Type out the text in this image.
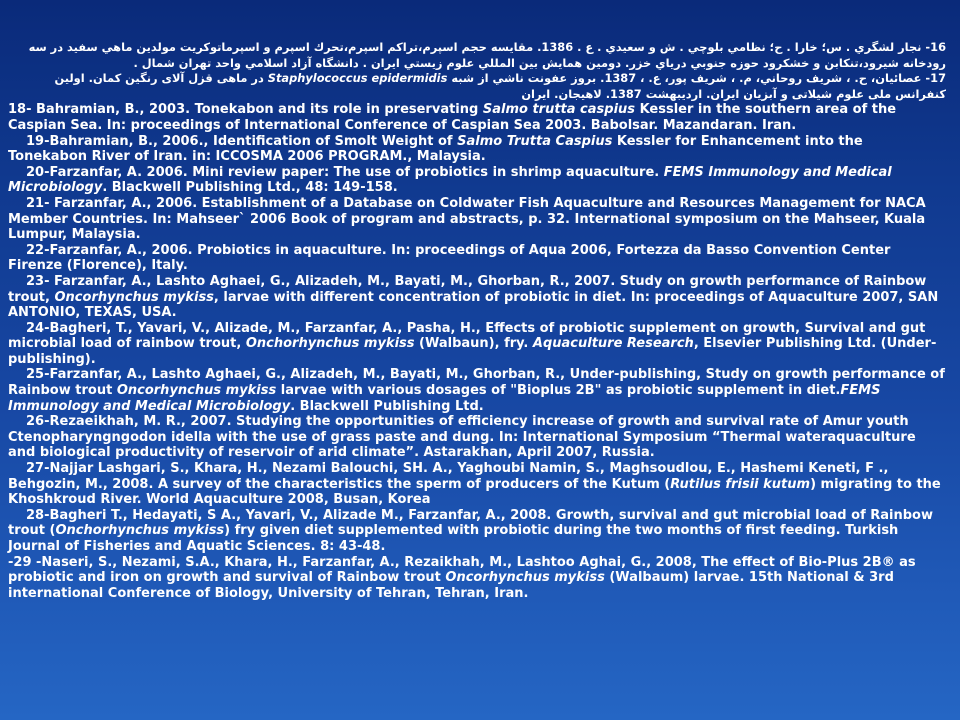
16- نجار لشگري . س؛ خارا . ح؛ نظامي بلوچي . ش و سعيدي . ع . 1386. مقايسه حجم اسپرم،تراكم اسپرم،تحرك اسپرم و اسپرماتوكريت مولدين ماهي سفيد در سه رودخانه شيرود،تنكابن و خشكرود حوزه جنوبي درياي خزر. دومين همايش بين المللي علوم زيستي ايران . دانشگاه آزاد اسلامي واحد تهران شمال .
17- عصائيان، ح. ، شريف روحاني، م. ، شريف پور، ع. ، 1387. بروز عفونت ناشي از شبه Staphylococcus epidermidis در ماهی قزل آلای رنگین کمان. اولین کنفرانس ملی علوم شيلاتی و آبزيان ايران. ارديبهشت 1387. لاهيجان. ايران
18- Bahramian, B., 2003. Tonekabon and its role in preservating Salmo trutta caspius Kessler in the southern area of the Caspian Sea. In: proceedings of International Conference of Caspian Sea 2003. Babolsar. Mazandaran. Iran.
19-Bahramian, B., 2006., Identification of Smolt Weight of Salmo Trutta Caspius Kessler for Enhancement into the Tonekabon River of Iran. in: ICCOSMA 2006 PROGRAM., Malaysia.
20-Farzanfar, A. 2006. Mini review paper: The use of probiotics in shrimp aquaculture. FEMS Immunology and Medical Microbiology. Blackwell Publishing Ltd., 48: 149-158.
21- Farzanfar, A., 2006. Establishment of a Database on Coldwater Fish Aquaculture and Resources Management for NACA Member Countries. In: Mahseer` 2006 Book of program and abstracts, p. 32. International symposium on the Mahseer, Kuala Lumpur, Malaysia.
22-Farzanfar, A., 2006. Probiotics in aquaculture. In: proceedings of Aqua 2006, Fortezza da Basso Convention Center Firenze (Florence), Italy.
23- Farzanfar, A., Lashto Aghaei, G., Alizadeh, M., Bayati, M., Ghorban, R., 2007. Study on growth performance of Rainbow trout, Oncorhynchus mykiss, larvae with different concentration of probiotic in diet. In: proceedings of Aquaculture 2007, SAN ANTONIO, TEXAS, USA.
24-Bagheri, T., Yavari, V., Alizade, M., Farzanfar, A., Pasha, H., Effects of probiotic supplement on growth, Survival and gut microbial load of rainbow trout, Onchorhynchus mykiss (Walbaun), fry. Aquaculture Research, Elsevier Publishing Ltd. (Under- publishing).
25-Farzanfar, A., Lashto Aghaei, G., Alizadeh, M., Bayati, M., Ghorban, R., Under-publishing, Study on growth performance of Rainbow trout Oncorhynchus mykiss larvae with various dosages of "Bioplus 2B" as probiotic supplement in diet.FEMS Immunology and Medical Microbiology. Blackwell Publishing Ltd.
26-Rezaeikhah, M. R., 2007. Studying the opportunities of efficiency increase of growth and survival rate of Amur youth Ctenopharyngngodon idella with the use of grass paste and dung. In: International Symposium “Thermal wateraquaculture and biological productivity of reservoir of arid climate”. Astarakhan, April 2007, Russia.
27-Najjar Lashgari, S., Khara, H., Nezami Balouchi, SH. A., Yaghoubi Namin, S., Maghsoudlou, E., Hashemi Keneti, F ., Behgozin, M., 2008. A survey of the characteristics the sperm of producers of the Kutum (Rutilus frisii kutum) migrating to the Khoshkroud River. World Aquaculture 2008, Busan, Korea
28-Bagheri T., Hedayati, S A., Yavari, V., Alizade M., Farzanfar, A., 2008. Growth, survival and gut microbial load of Rainbow trout (Onchorhynchus mykiss) fry given diet supplemented with probiotic during the two months of first feeding. Turkish Journal of Fisheries and Aquatic Sciences. 8: 43-48.
-29 -Naseri, S., Nezami, S.A., Khara, H., Farzanfar, A., Rezaikhah, M., Lashtoo Aghai, G., 2008, The effect of Bio-Plus 2B® as probiotic and iron on growth and survival of Rainbow trout Oncorhynchus mykiss (Walbaum) larvae. 15th National & 3rd international Conference of Biology, University of Tehran, Tehran, Iran.
